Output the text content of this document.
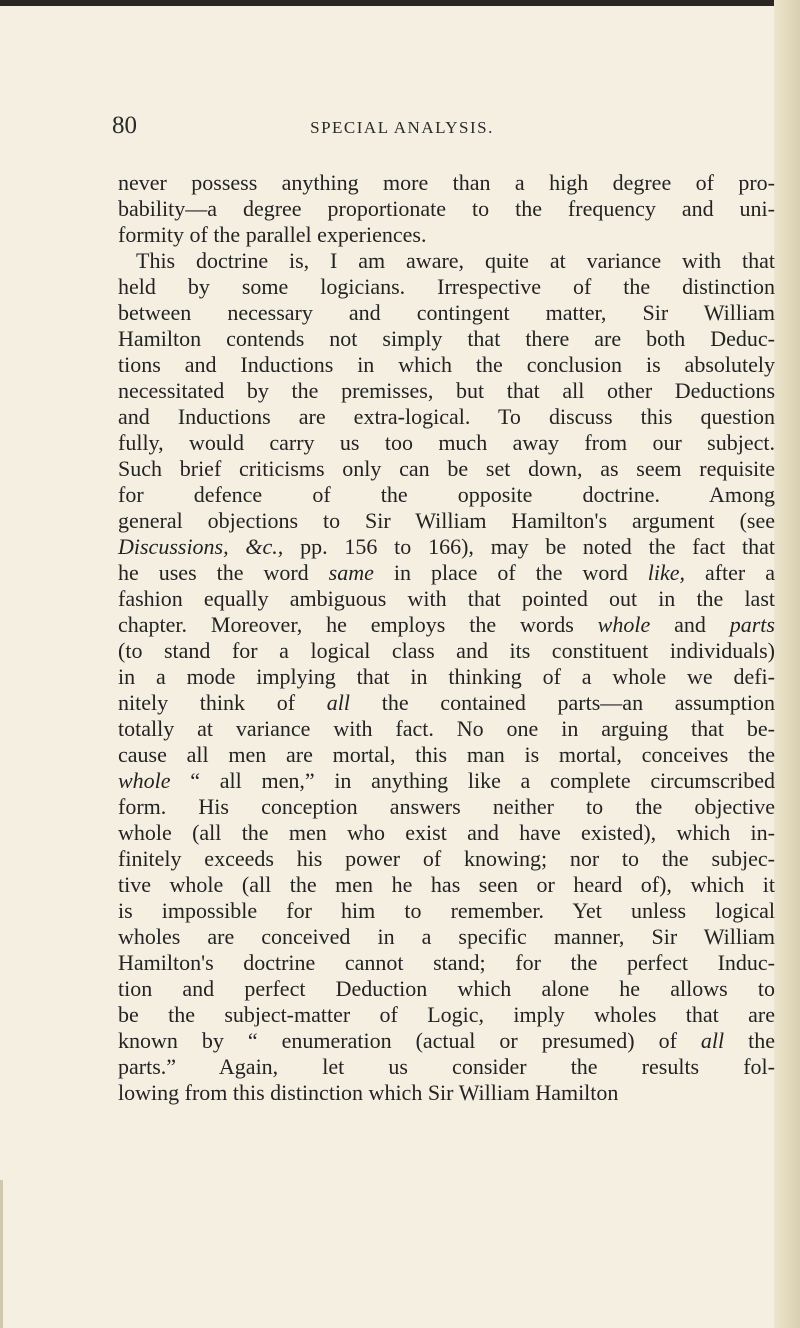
80	SPECIAL ANALYSIS.
never possess anything more than a high degree of pro-
bability—a degree proportionate to the frequency and uni-
formity of the parallel experiences.
This doctrine is, I am aware, quite at variance with that
held by some logicians. Irrespective of the distinction
between necessary and contingent matter, Sir William
Hamilton contends not simply that there are both Deduc-
tions and Inductions in which the conclusion is absolutely
necessitated by the premisses, but that all other Deductions
and Inductions are extra-logical. To discuss this question
fully, would carry us too much away from our subject.
Such brief criticisms only can be set down, as seem requisite
for defence of the opposite doctrine. Among
general objections to Sir William Hamilton's argument (see
Discussions, &c., pp. 156 to 166), may be noted the fact that
he uses the word same in place of the word like, after a
fashion equally ambiguous with that pointed out in the last
chapter. Moreover, he employs the words whole and parts
(to stand for a logical class and its constituent individuals)
in a mode implying that in thinking of a whole we defi-
nitely think of all the contained parts—an assumption
totally at variance with fact. No one in arguing that be-
cause all men are mortal, this man is mortal, conceives the
whole “ all men,” in anything like a complete circumscribed
form. His conception answers neither to the objective
whole (all the men who exist and have existed), which in-
finitely exceeds his power of knowing; nor to the subjec-
tive whole (all the men he has seen or heard of), which it
is impossible for him to remember. Yet unless logical
wholes are conceived in a specific manner, Sir William
Hamilton's doctrine cannot stand; for the perfect Induc-
tion and perfect Deduction which alone he allows to
be the subject-matter of Logic, imply wholes that are
known by “ enumeration (actual or presumed) of all the
parts.” Again, let us consider the results fol-
lowing from this distinction which Sir William Hamilton
